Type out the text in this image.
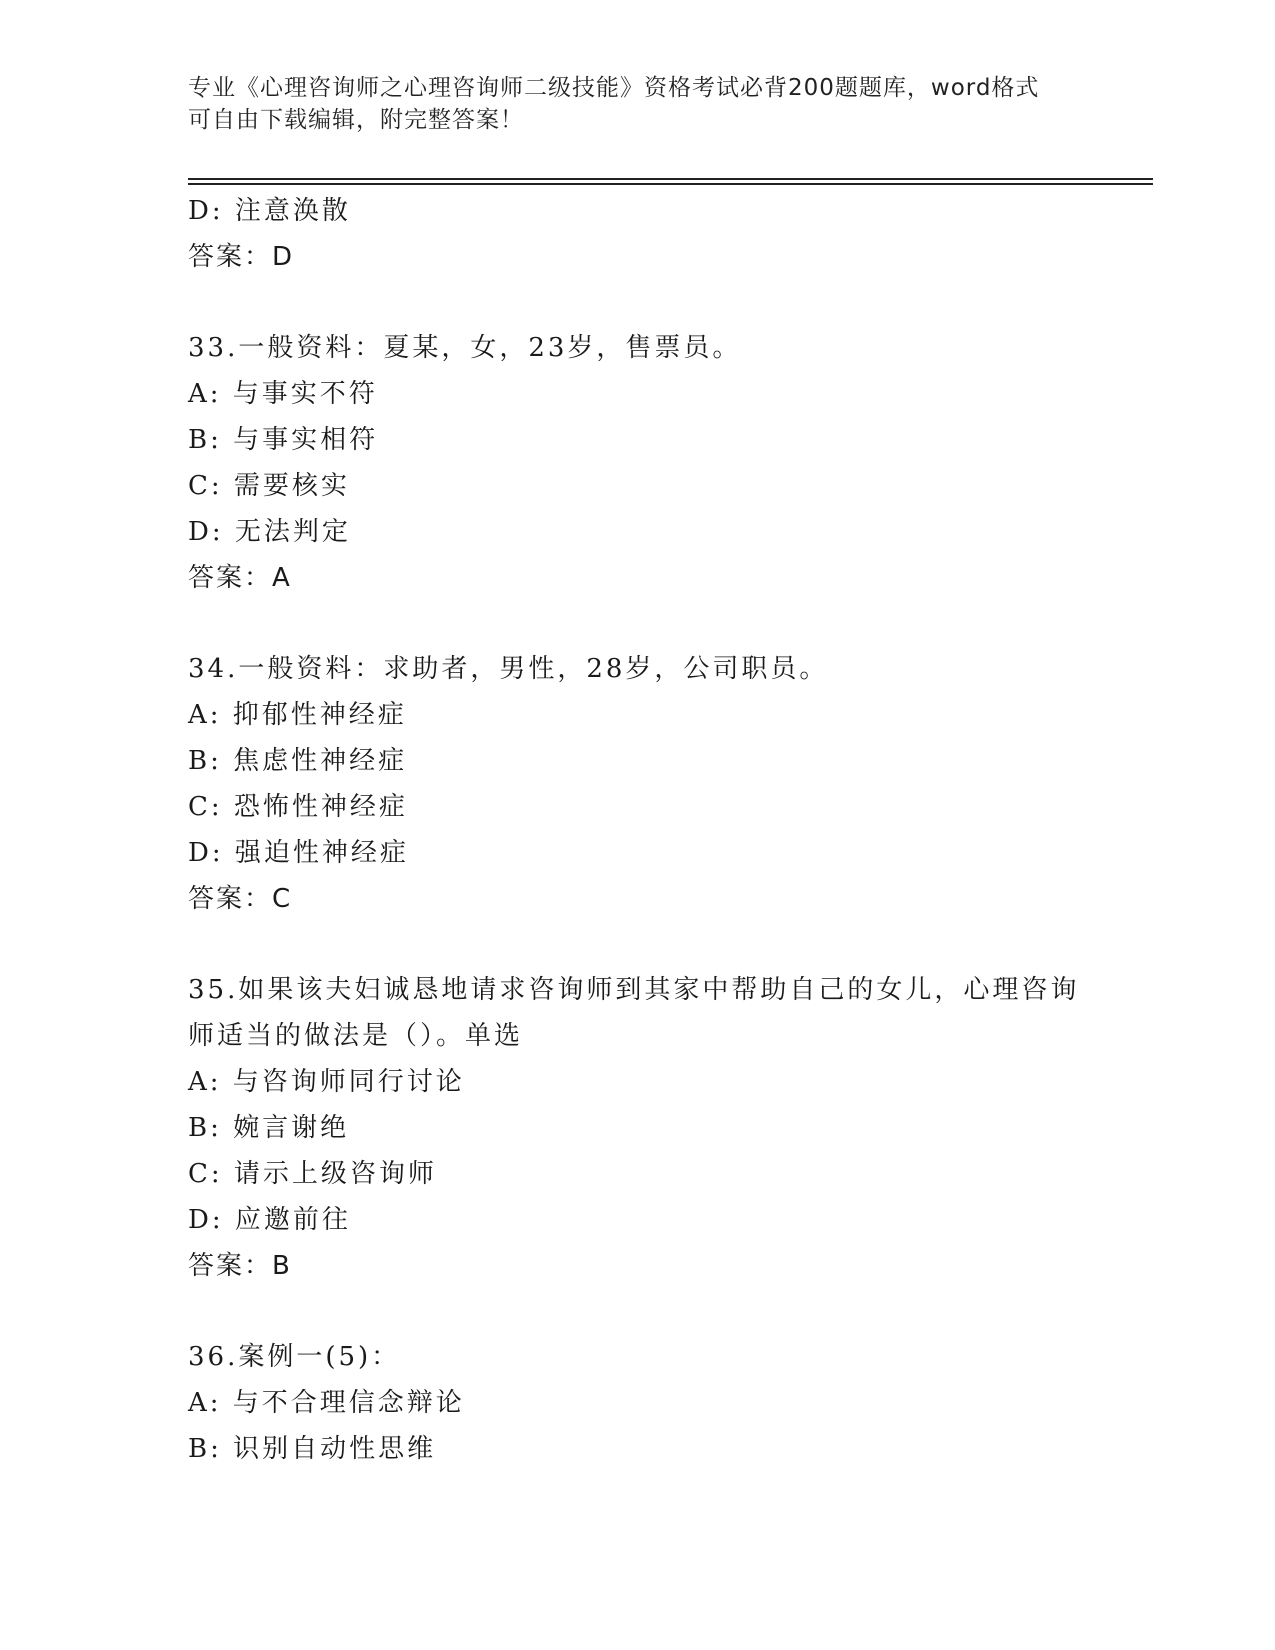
专业《心理咨询师之心理咨询师二级技能》资格考试必背200题题库，word格式
可自由下载编辑，附完整答案！
D: 注意涣散
答案：D
33.一般资料：夏某，女，23岁，售票员。
A: 与事实不符
B: 与事实相符
C: 需要核实
D: 无法判定
答案：A
34.一般资料：求助者，男性，28岁，公司职员。
A: 抑郁性神经症
B: 焦虑性神经症
C: 恐怖性神经症
D: 强迫性神经症
答案：C
35.如果该夫妇诚恳地请求咨询师到其家中帮助自己的女儿，心理咨询
师适当的做法是（）。单选
A: 与咨询师同行讨论
B: 婉言谢绝
C: 请示上级咨询师
D: 应邀前往
答案：B
36.案例一(5)：
A: 与不合理信念辩论
B: 识别自动性思维
